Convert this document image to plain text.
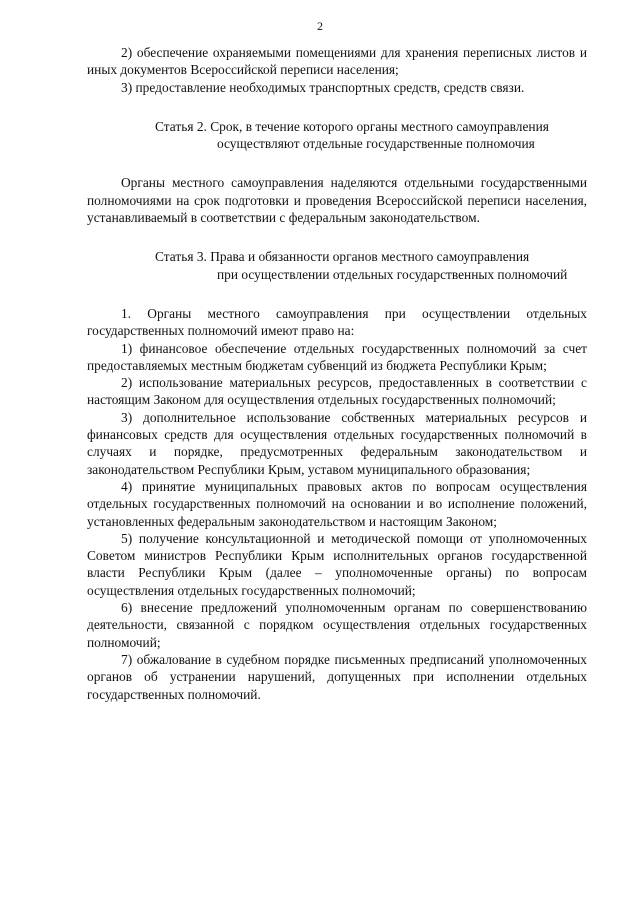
2

2) обеспечение охраняемыми помещениями для хранения переписных листов и иных документов Всероссийской переписи населения;

3) предоставление необходимых транспортных средств, средств связи.

Статья 2. Срок, в течение которого органы местного самоуправления
осуществляют отдельные государственные полномочия

Органы местного самоуправления наделяются отдельными государственными полномочиями на срок подготовки и проведения Всероссийской переписи населения, устанавливаемый в соответствии с федеральным законодательством.

Статья 3. Права и обязанности органов местного самоуправления
при осуществлении отдельных государственных полномочий

1. Органы местного самоуправления при осуществлении отдельных государственных полномочий имеют право на:

1) финансовое обеспечение отдельных государственных полномочий за счет предоставляемых местным бюджетам субвенций из бюджета Республики Крым;

2) использование материальных ресурсов, предоставленных в соответствии с настоящим Законом для осуществления отдельных государственных полномочий;

3) дополнительное использование собственных материальных ресурсов и финансовых средств для осуществления отдельных государственных полномочий в случаях и порядке, предусмотренных федеральным законодательством и законодательством Республики Крым, уставом муниципального образования;

4) принятие муниципальных правовых актов по вопросам осуществления отдельных государственных полномочий на основании и во исполнение положений, установленных федеральным законодательством и настоящим Законом;

5) получение консультационной и методической помощи от уполномоченных Советом министров Республики Крым исполнительных органов государственной власти Республики Крым (далее – уполномоченные органы) по вопросам осуществления отдельных государственных полномочий;

6) внесение предложений уполномоченным органам по совершенствованию деятельности, связанной с порядком осуществления отдельных государственных полномочий;

7) обжалование в судебном порядке письменных предписаний уполномоченных органов об устранении нарушений, допущенных при исполнении отдельных государственных полномочий.
